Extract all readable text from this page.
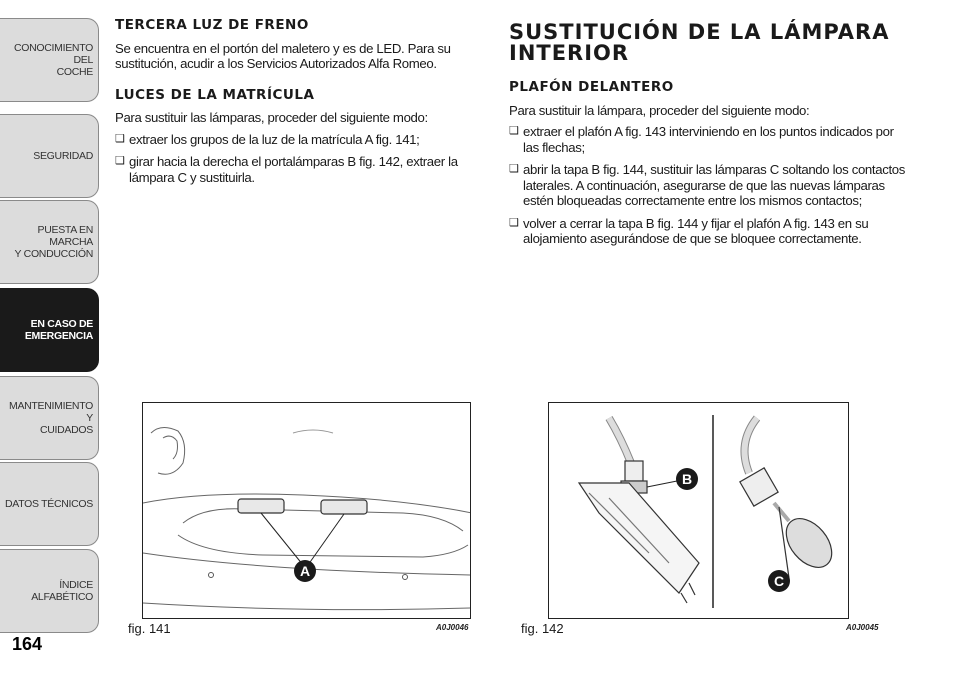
CONOCIMIENTO DEL
COCHE
SEGURIDAD
PUESTA EN MARCHA
Y CONDUCCIÓN
EN CASO DE
EMERGENCIA
MANTENIMIENTO Y
CUIDADOS
DATOS TÉCNICOS
ÍNDICE ALFABÉTICO
164
TERCERA LUZ DE FRENO

Se encuentra en el portón del maletero y es de LED. Para su sustitución, acudir a los Servicios Autorizados Alfa Romeo.

LUCES DE LA MATRÍCULA

Para sustituir las lámparas, proceder del siguiente modo:

❑ extraer los grupos de la luz de la matrícula A fig. 141;
❑ girar hacia la derecha el portalámparas B fig. 142, extraer la lámpara C y sustituirla.
SUSTITUCIÓN DE LA LÁMPARA INTERIOR
PLAFÓN DELANTERO

Para sustituir la lámpara, proceder del siguiente modo:

❑ extraer el plafón A fig. 143 interviniendo en los puntos indicados por las flechas;
❑ abrir la tapa B fig. 144, sustituir las lámparas C soltando los contactos laterales. A continuación, asegurarse de que las nuevas lámparas estén bloqueadas correctamente entre los mismos contactos;
❑ volver a cerrar la tapa B fig. 144 y fijar el plafón A fig. 143 en su alojamiento asegurándose de que se bloquee correctamente.
A
fig. 141	A0J0046
B
C
fig. 142	A0J0045
